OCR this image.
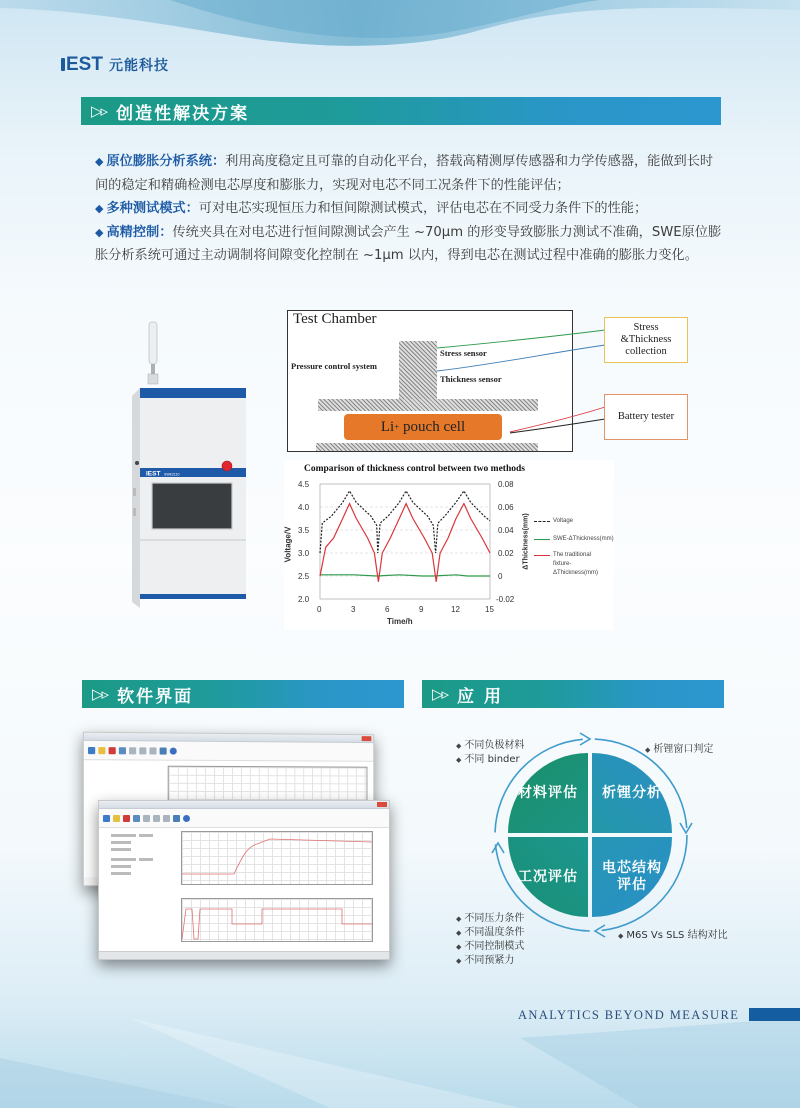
EST 元能科技
▷▹ 创造性解决方案

◆ 原位膨胀分析系统：利用高度稳定且可靠的自动化平台，搭载高精测厚传感器和力学传感器，能做到长时间的稳定和精确检测电芯厚度和膨胀力，实现对电芯不同工况条件下的性能评估；

◆ 多种测试模式：可对电芯实现恒压力和恒间隙测试模式，评估电芯在不同受力条件下的性能；

◆ 高精控制：传统夹具在对电芯进行恒间隙测试会产生 ~70μm 的形变导致膨胀力测试不准确，SWE原位膨胀分析系统可通过主动调制将间隙变化控制在 ~1μm 以内，得到电芯在测试过程中准确的膨胀力变化。

IEST SWE2110
Test Chamber
Pressure control system
Stress sensor
Thickness sensor
Li + pouch cell
Stress
&Thickness
collection
Battery tester
Comparison of thickness control between two methods
4.5
4.0
3.5
3.0
2.5
2.0
0.08
0.06
0.04
0.02
0
-0.02
0	3	6	9	12	15
Time/h
Voltage/V	ΔThickness(mm)	Voltage
SWE-ΔThickness(mm)
The traditional fixture-ΔThickness(mm)
▷▹ 软件界面	▷▹ 应 用
材料评估 析锂分析
工况评估
电芯结构
评估
◆ 不同负极材料
◆ 不同 binder
◆ 析锂窗口判定
◆ 不同压力条件
◆ 不同温度条件
◆ 不同控制模式
◆ 不同预紧力
◆ M6S Vs SLS 结构对比
ANALYTICS BEYOND MEASURE
